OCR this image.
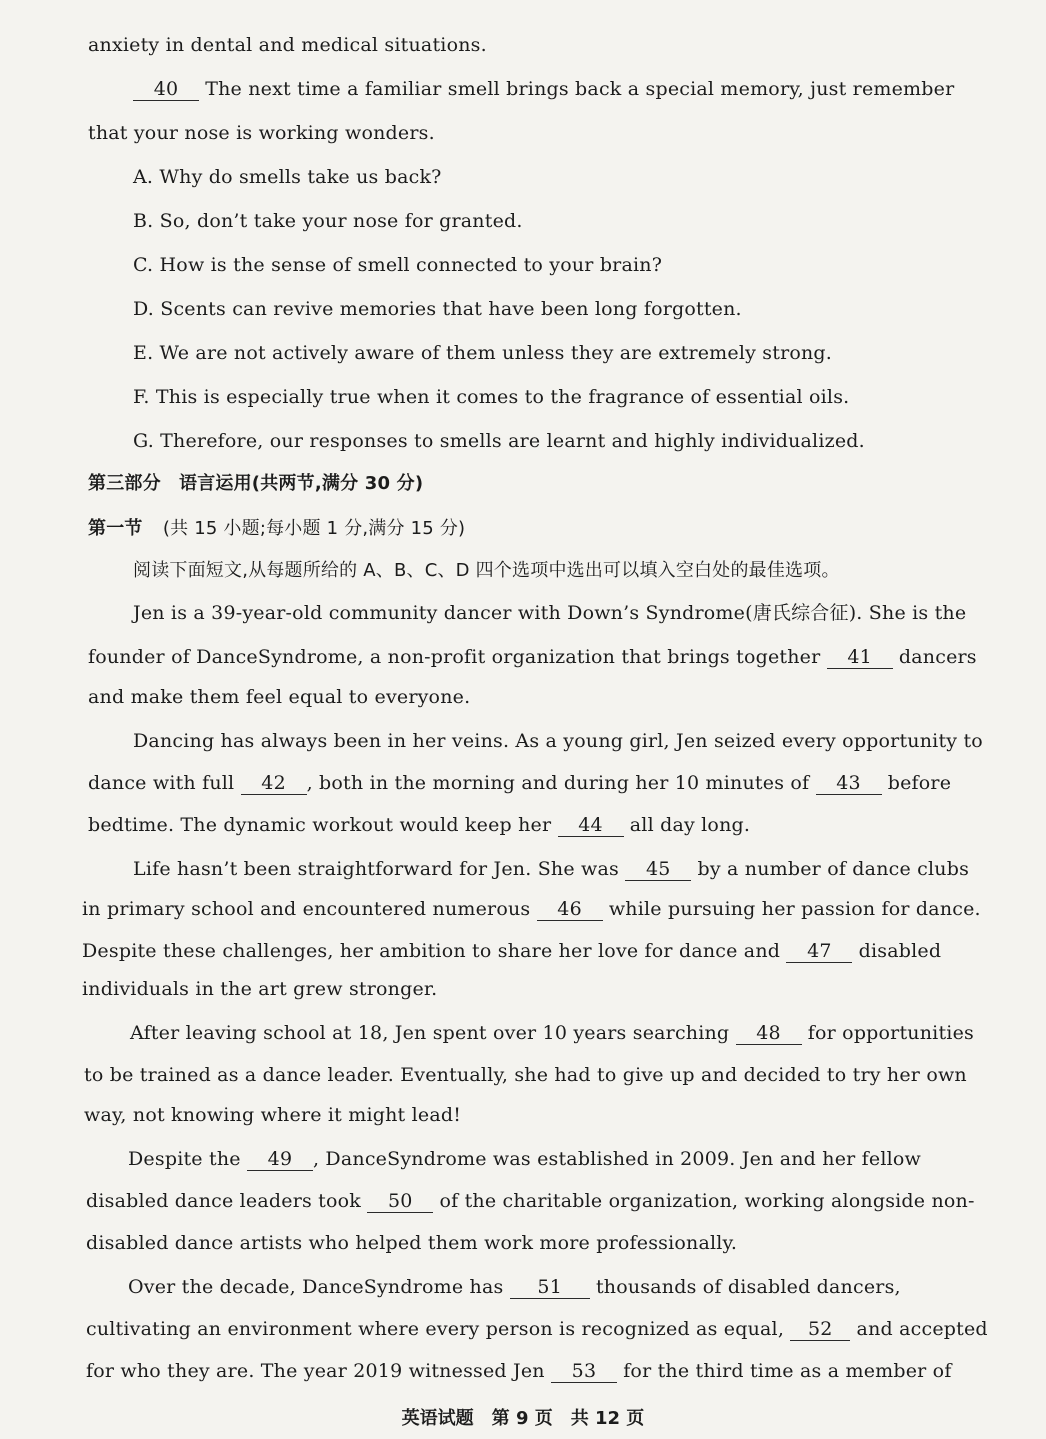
anxiety in dental and medical situations.
40 The next time a familiar smell brings back a special memory, just remember
that your nose is working wonders.
A. Why do smells take us back?
B. So, don’t take your nose for granted.
C. How is the sense of smell connected to your brain?
D. Scents can revive memories that have been long forgotten.
E. We are not actively aware of them unless they are extremely strong.
F. This is especially true when it comes to the fragrance of essential oils.
G. Therefore, our responses to smells are learnt and highly individualized.
第三部分　语言运用(共两节,满分 30 分)
第一节 (共 15 小题;每小题 1 分,满分 15 分)
阅读下面短文,从每题所给的 A、B、C、D 四个选项中选出可以填入空白处的最佳选项。
Jen is a 39-year-old community dancer with Down’s Syndrome(唐氏综合征). She is the
founder of DanceSyndrome, a non-profit organization that brings together 41 dancers
and make them feel equal to everyone.
Dancing has always been in her veins. As a young girl, Jen seized every opportunity to
dance with full 42 , both in the morning and during her 10 minutes of 43 before
bedtime. The dynamic workout would keep her 44 all day long.
Life hasn’t been straightforward for Jen. She was 45 by a number of dance clubs
in primary school and encountered numerous 46 while pursuing her passion for dance.
Despite these challenges, her ambition to share her love for dance and 47 disabled
individuals in the art grew stronger.
After leaving school at 18, Jen spent over 10 years searching 48 for opportunities
to be trained as a dance leader. Eventually, she had to give up and decided to try her own
way, not knowing where it might lead!
Despite the 49 , DanceSyndrome was established in 2009. Jen and her fellow
disabled dance leaders took 50 of the charitable organization, working alongside non-
disabled dance artists who helped them work more professionally.
Over the decade, DanceSyndrome has 51 thousands of disabled dancers,
cultivating an environment where every person is recognized as equal, 52 and accepted
for who they are. The year 2019 witnessed Jen 53 for the third time as a member of
英语试题　第 9 页　共 12 页
